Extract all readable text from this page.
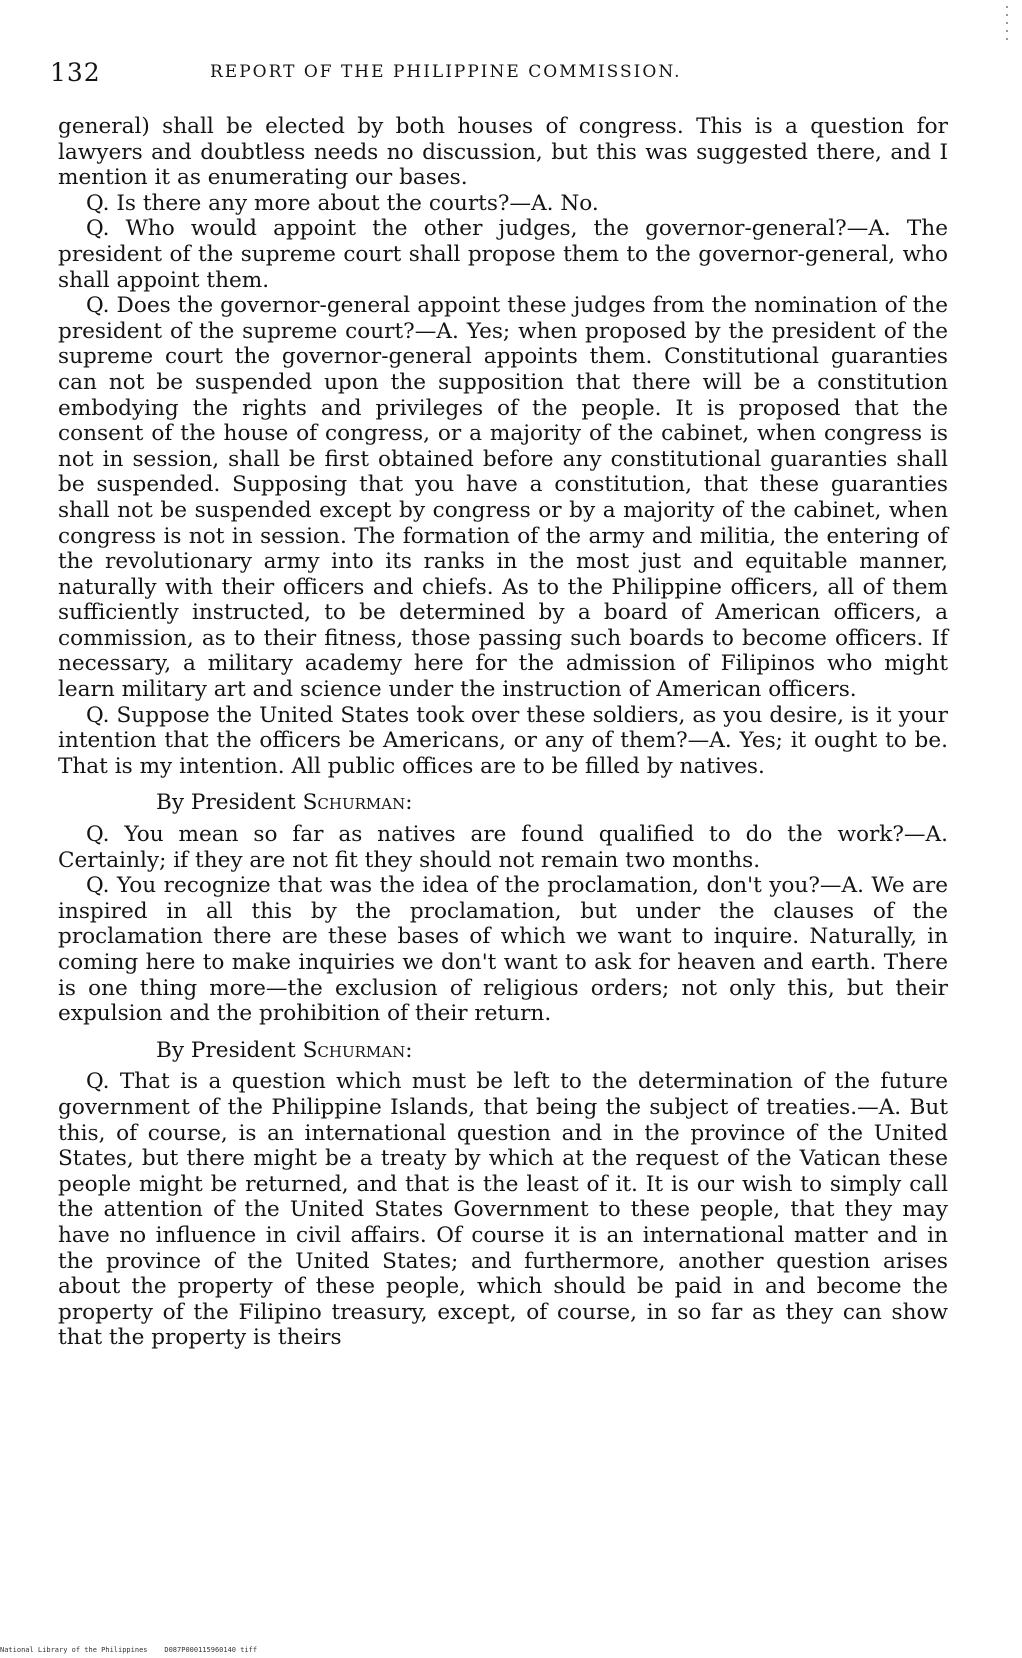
132	REPORT OF THE PHILIPPINE COMMISSION.

general) shall be elected by both houses of congress. This is a question for lawyers and doubtless needs no discussion, but this was suggested there, and I mention it as enumerating our bases.

Q. Is there any more about the courts?—A. No.

Q. Who would appoint the other judges, the governor-general?—A. The president of the supreme court shall propose them to the governor-general, who shall appoint them.

Q. Does the governor-general appoint these judges from the nomination of the president of the supreme court?—A. Yes; when proposed by the president of the supreme court the governor-general appoints them. Constitutional guaranties can not be suspended upon the supposition that there will be a constitution embodying the rights and privileges of the people. It is proposed that the consent of the house of congress, or a majority of the cabinet, when congress is not in session, shall be first obtained before any constitutional guaranties shall be suspended. Supposing that you have a constitution, that these guaranties shall not be suspended except by congress or by a majority of the cabinet, when congress is not in session. The formation of the army and militia, the entering of the revolutionary army into its ranks in the most just and equitable manner, naturally with their officers and chiefs. As to the Philippine officers, all of them sufficiently instructed, to be determined by a board of American officers, a commission, as to their fitness, those passing such boards to become officers. If necessary, a military academy here for the admission of Filipinos who might learn military art and science under the instruction of American officers.

Q. Suppose the United States took over these soldiers, as you desire, is it your intention that the officers be Americans, or any of them?—A. Yes; it ought to be. That is my intention. All public offices are to be filled by natives.

By President Schurman:

Q. You mean so far as natives are found qualified to do the work?—A. Certainly; if they are not fit they should not remain two months.

Q. You recognize that was the idea of the proclamation, don't you?—A. We are inspired in all this by the proclamation, but under the clauses of the proclamation there are these bases of which we want to inquire. Naturally, in coming here to make inquiries we don't want to ask for heaven and earth. There is one thing more—the exclusion of religious orders; not only this, but their expulsion and the prohibition of their return.

By President Schurman:

Q. That is a question which must be left to the determination of the future government of the Philippine Islands, that being the subject of treaties.—A. But this, of course, is an international question and in the province of the United States, but there might be a treaty by which at the request of the Vatican these people might be returned, and that is the least of it. It is our wish to simply call the attention of the United States Government to these people, that they may have no influence in civil affairs. Of course it is an international matter and in the province of the United States; and furthermore, another question arises about the property of these people, which should be paid in and become the property of the Filipino treasury, except, of course, in so far as they can show that the property is theirs

National Library of the Philippines D087P000115960140 tiff
